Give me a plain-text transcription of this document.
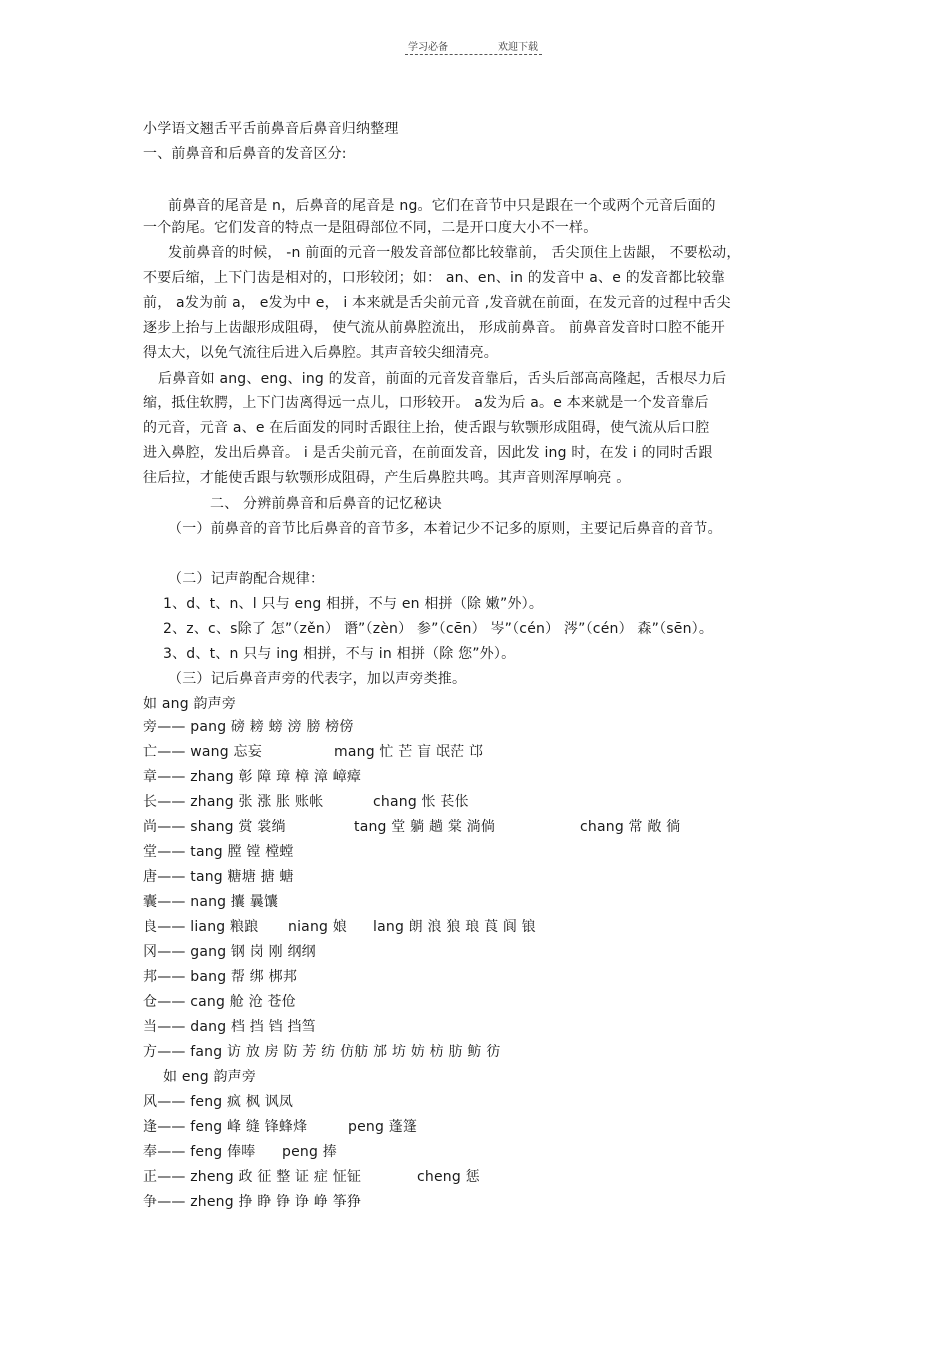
学习必备	欢迎下载
小学语文翘舌平舌前鼻音后鼻音归纳整理
一、前鼻音和后鼻音的发音区分:
前鼻音的尾音是 n，后鼻音的尾音是 ng。它们在音节中只是跟在一个或两个元音后面的
一个韵尾。它们发音的特点一是阻碍部位不同，二是开口度大小不一样。
发前鼻音的时候， -n 前面的元音一般发音部位都比较靠前， 舌尖顶住上齿龈， 不要松动，
不要后缩，上下门齿是相对的，口形较闭；如： an、en、in 的发音中 a、e 的发音都比较靠
前， a发为前 a， e发为中 e， i 本来就是舌尖前元音 ,发音就在前面，在发元音的过程中舌尖
逐步上抬与上齿龈形成阻碍， 使气流从前鼻腔流出， 形成前鼻音。 前鼻音发音时口腔不能开
得太大，以免气流往后进入后鼻腔。其声音较尖细清亮。
后鼻音如 ang、eng、ing 的发音，前面的元音发音靠后，舌头后部高高隆起，舌根尽力后
缩，抵住软腭，上下门齿离得远一点儿，口形较开。 a发为后 a。e 本来就是一个发音靠后
的元音，元音 a、e 在后面发的同时舌跟往上抬，使舌跟与软颚形成阻碍，使气流从后口腔
进入鼻腔，发出后鼻音。 i 是舌尖前元音，在前面发音，因此发 ing 时，在发 i 的同时舌跟
往后拉，才能使舌跟与软颚形成阻碍，产生后鼻腔共鸣。其声音则浑厚响亮 。
二、 分辨前鼻音和后鼻音的记忆秘诀
（一）前鼻音的音节比后鼻音的音节多，本着记少不记多的原则，主要记后鼻音的音节。
（二）记声韵配合规律：
1、d、t、n、l 只与 eng 相拼，不与 en 相拼（除 嫩”外）。
2、z、c、s除了 怎”（zěn） 谮”（zèn） 参”（cēn） 岑”（cén） 涔”（cén） 森”（sēn）。
3、d、t、n 只与 ing 相拼，不与 in 相拼（除 您”外）。
（三）记后鼻音声旁的代表字，加以声旁类推。
如 ang 韵声旁
旁—— pang 磅 耪 螃 滂 膀 榜傍
亡—— wang 忘妄	mang 忙 芒 盲 氓茫 邙
章—— zhang 彰 障 璋 樟 漳 嶂瘴
长—— zhang 张 涨 胀 账帐	chang 怅 苌伥
尚—— shang 赏 裳绱	tang 堂 躺 趟 棠 淌倘	chang 常 敞 徜
堂—— tang 膛 镗 樘螳
唐—— tang 糖塘 搪 螗
囊—— nang 攮 曩馕
良—— liang 粮踉 niang 娘 lang 朗 浪 狼 琅 莨 阆 锒
冈—— gang 钢 岗 刚 纲纲
邦—— bang 帮 绑 梆邦
仓—— cang 舱 沧 苍伧
当—— dang 档 挡 铛 挡筜
方—— fang 访 放 房 防 芳 纺 仿舫 邡 坊 妨 枋 肪 鲂 彷
如 eng 韵声旁
风—— feng 疯 枫 讽凤
逢—— feng 峰 缝 锋蜂烽	peng 蓬篷
奉—— feng 俸唪 peng 捧
正—— zheng 政 征 整 证 症 怔钲	cheng 惩
争—— zheng 挣 睁 铮 诤 峥 筝狰
